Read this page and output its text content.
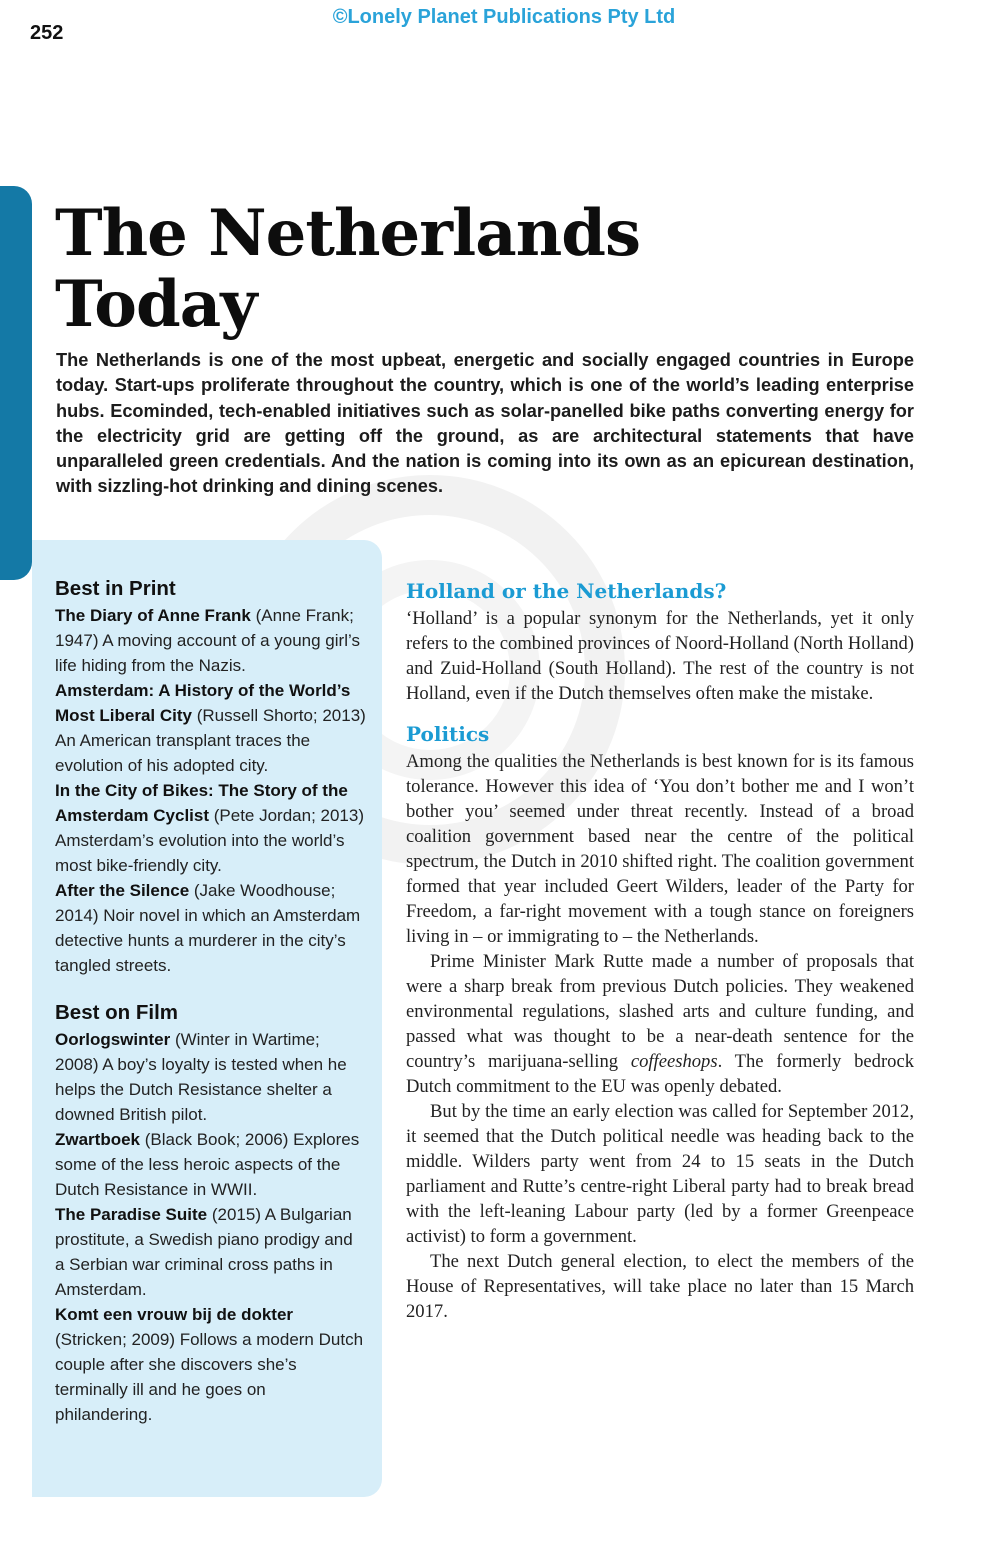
©Lonely Planet Publications Pty Ltd
252
The Netherlands
Today

The Netherlands is one of the most upbeat, energetic and socially engaged countries in Europe today. Start-ups proliferate throughout the country, which is one of the world’s leading enterprise hubs. Ecominded, tech-enabled initiatives such as solar-panelled bike paths converting energy for the electricity grid are getting off the ground, as are architectural statements that have unparalleled green credentials. And the nation is coming into its own as an epicurean destination, with sizzling-hot drinking and dining scenes.

Best in Print
The Diary of Anne Frank (Anne Frank; 1947) A moving account of a young girl’s life hiding from the Nazis.
Amsterdam: A History of the World’s Most Liberal City (Russell Shorto; 2013) An American transplant traces the evolution of his adopted city.
In the City of Bikes: The Story of the Amsterdam Cyclist (Pete Jordan; 2013) Amsterdam’s evolution into the world’s most bike-friendly city.
After the Silence (Jake Woodhouse; 2014) Noir novel in which an Amsterdam detective hunts a murderer in the city’s tangled streets.
Best on Film
Oorlogswinter (Winter in Wartime; 2008) A boy’s loyalty is tested when he helps the Dutch Resistance shelter a downed British pilot.
Zwartboek (Black Book; 2006) Explores some of the less heroic aspects of the Dutch Resistance in WWII.
The Paradise Suite (2015) A Bulgarian prostitute, a Swedish piano prodigy and a Serbian war criminal cross paths in Amsterdam.
Komt een vrouw bij de dokter (Stricken; 2009) Follows a modern Dutch couple after she discovers she’s terminally ill and he goes on philandering.
Holland or the Netherlands?

‘Holland’ is a popular synonym for the Netherlands, yet it only refers to the combined provinces of Noord-Holland (North Holland) and Zuid-Holland (South Holland). The rest of the country is not Holland, even if the Dutch themselves often make the mistake.

Politics

Among the qualities the Netherlands is best known for is its famous tolerance. However this idea of ‘You don’t bother me and I won’t bother you’ seemed under threat recently. Instead of a broad coalition government based near the centre of the political spectrum, the Dutch in 2010 shifted right. The coalition government formed that year included Geert Wilders, leader of the Party for Freedom, a far-right movement with a tough stance on foreigners living in – or immigrating to – the Netherlands.

Prime Minister Mark Rutte made a number of proposals that were a sharp break from previous Dutch policies. They weakened environmental regulations, slashed arts and culture funding, and passed what was thought to be a near-death sentence for the country’s marijuana-selling coffeeshops. The formerly bedrock Dutch commitment to the EU was openly debated.

But by the time an early election was called for September 2012, it seemed that the Dutch political needle was heading back to the middle. Wilders party went from 24 to 15 seats in the Dutch parliament and Rutte’s centre-right Liberal party had to break bread with the left-leaning Labour party (led by a former Greenpeace activist) to form a government.

The next Dutch general election, to elect the members of the House of Representatives, will take place no later than 15 March 2017.
